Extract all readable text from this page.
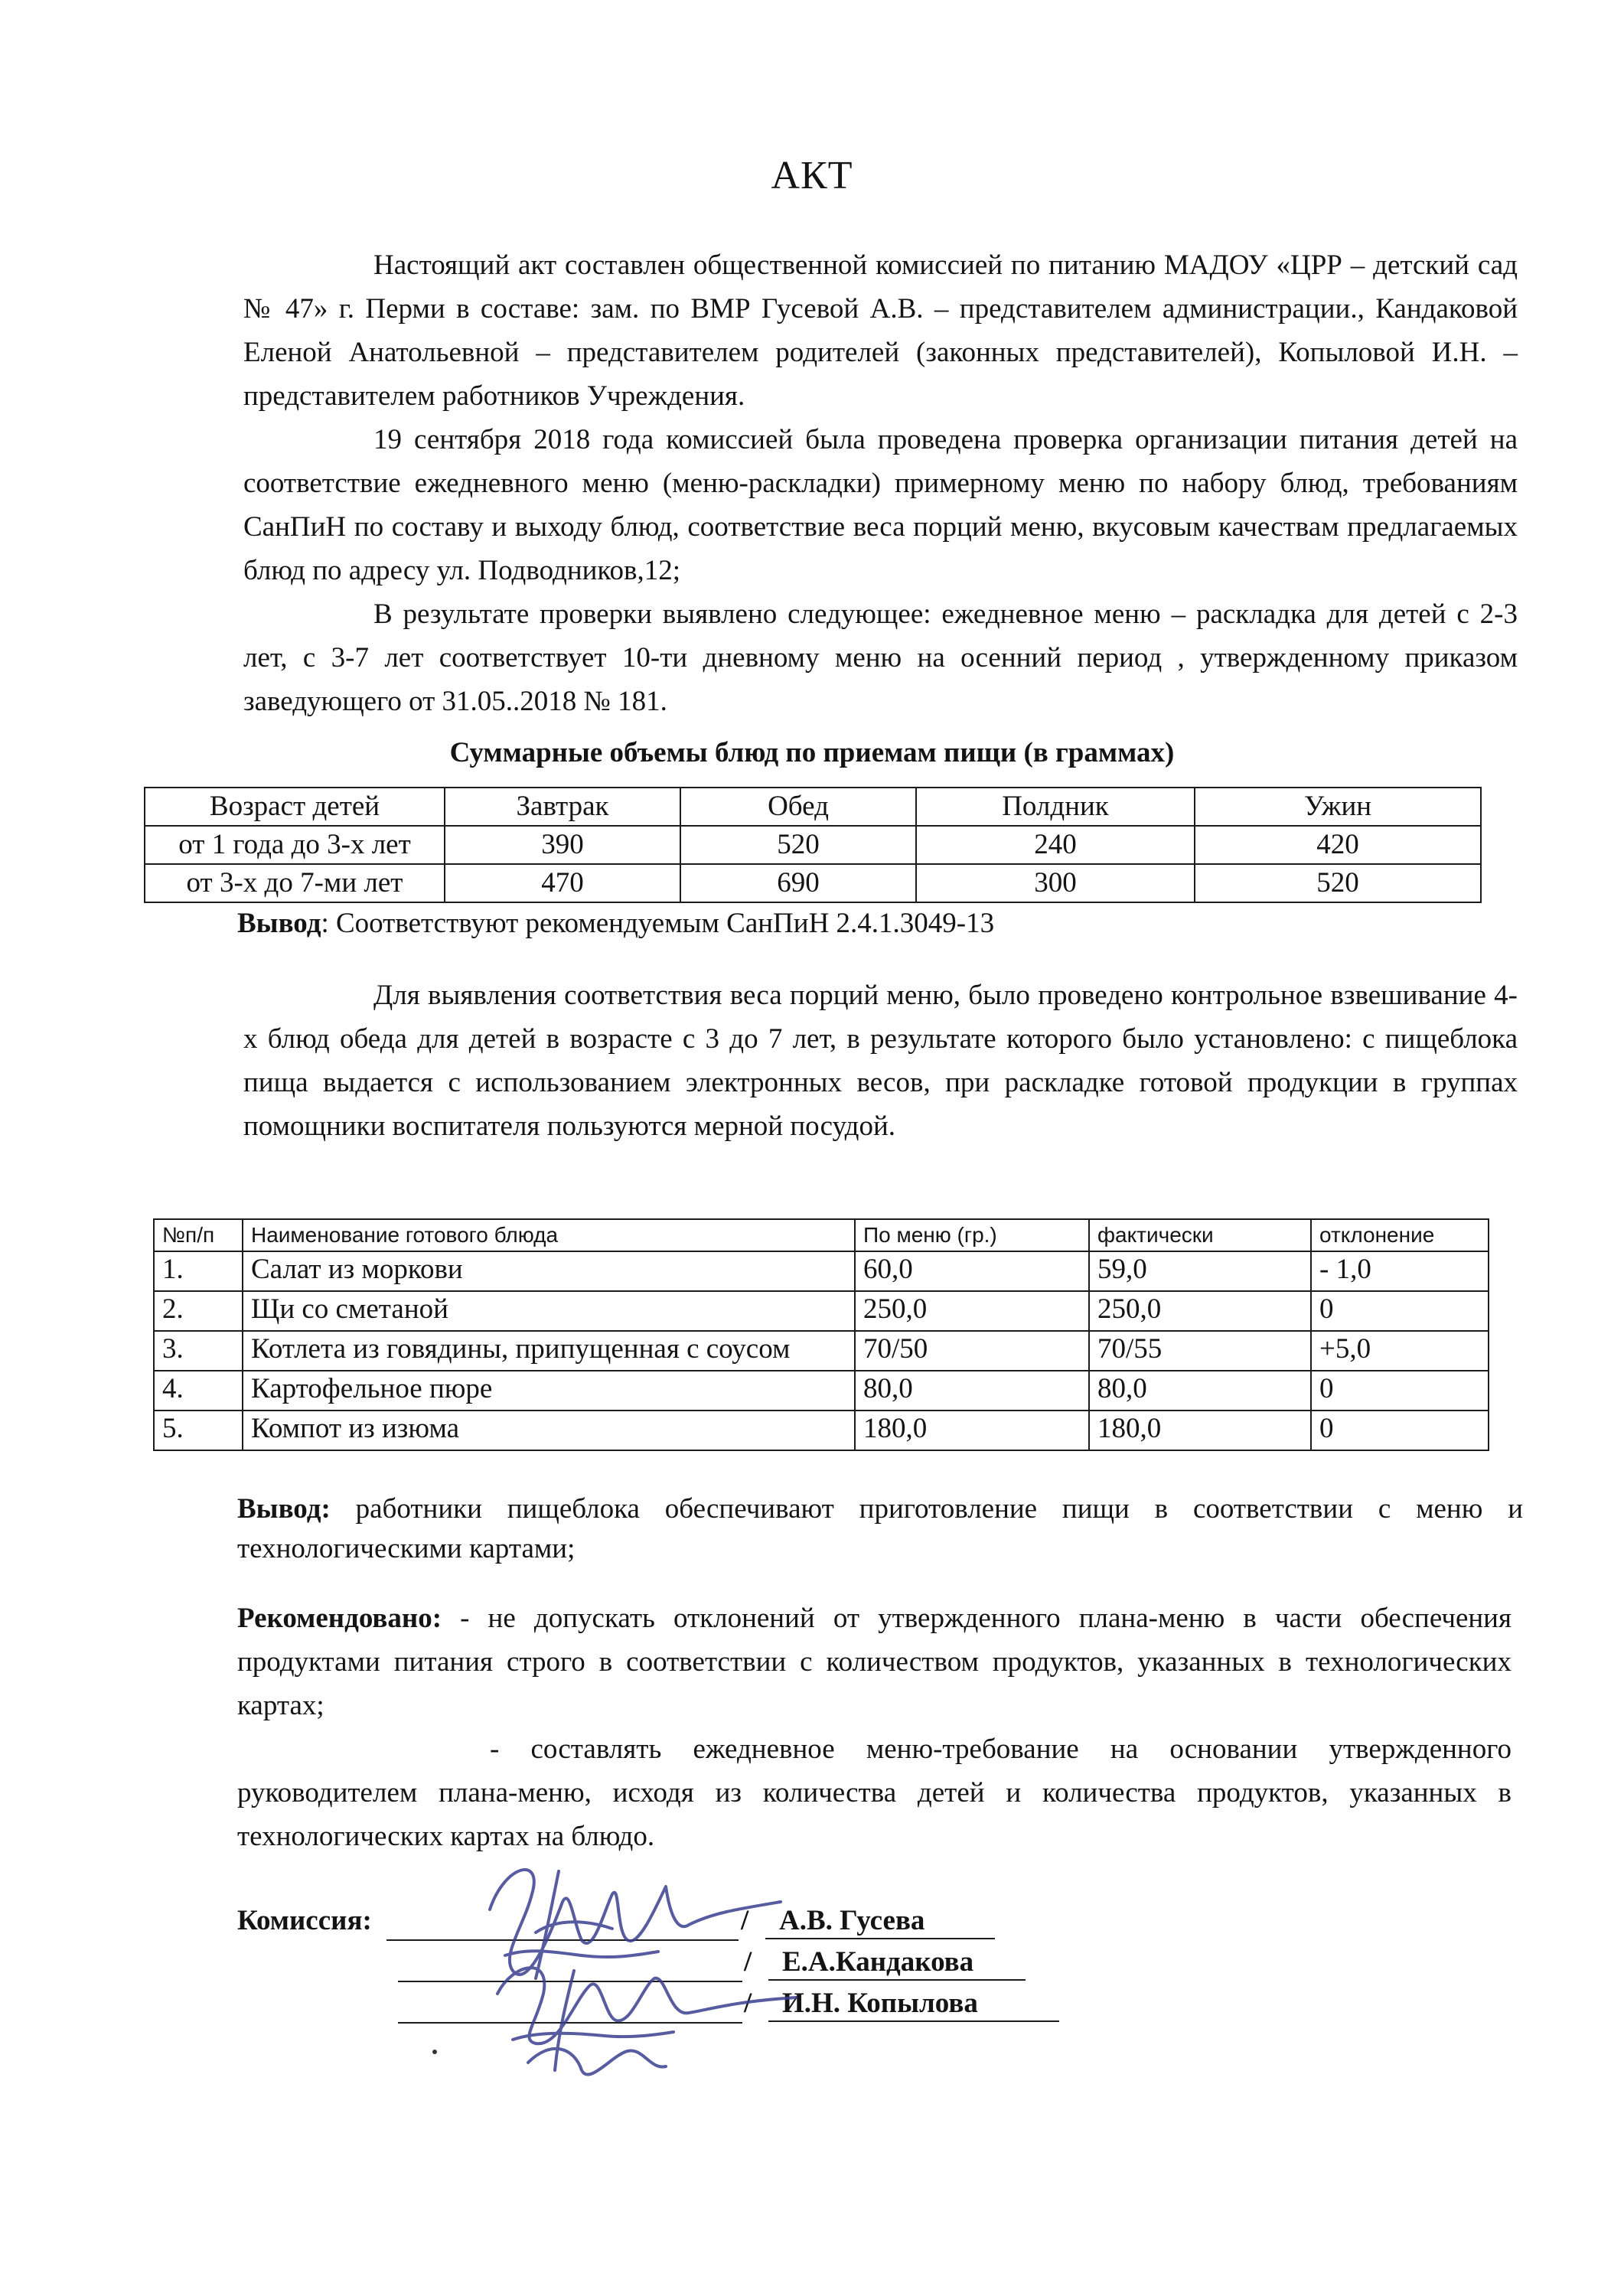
АКТ

Настоящий акт составлен общественной комиссией по питанию МАДОУ «ЦРР – детский сад № 47» г. Перми в составе: зам. по ВМР Гусевой А.В. – представителем администрации., Кандаковой Еленой Анатольевной – представителем родителей (законных представителей), Копыловой И.Н. – представителем работников Учреждения.

19 сентября 2018 года комиссией была проведена проверка организации питания детей на соответствие ежедневного меню (меню-раскладки) примерному меню по набору блюд, требованиям СанПиН по составу и выходу блюд, соответствие веса порций меню, вкусовым качествам предлагаемых блюд по адресу ул. Подводников,12;

В результате проверки выявлено следующее: ежедневное меню – раскладка для детей с 2-3 лет, с 3-7 лет соответствует 10-ти дневному меню на осенний период , утвержденному приказом заведующего от 31.05..2018 № 181.

Суммарные объемы блюд по приемам пищи (в граммах)
Возраст детей	Завтрак	Обед	Полдник	Ужин
от 1 года до 3-х лет	390	520	240	420
от 3-х до 7-ми лет	470	690	300	520
Вывод: Соответствуют рекомендуемым СанПиН 2.4.1.3049-13

Для выявления соответствия веса порций меню, было проведено контрольное взвешивание 4-х блюд обеда для детей в возрасте с 3 до 7 лет, в результате которого было установлено: с пищеблока пища выдается с использованием электронных весов, при раскладке готовой продукции в группах помощники воспитателя пользуются мерной посудой.

№п/п	Наименование готового блюда	По меню (гр.)	фактически	отклонение
1.	Салат из моркови	60,0	59,0	- 1,0
2.	Щи со сметаной	250,0	250,0	0
3.	Котлета из говядины, припущенная с соусом	70/50	70/55	+5,0
4.	Картофельное пюре	80,0	80,0	0
5.	Компот из изюма	180,0	180,0	0
Вывод: работники пищеблока обеспечивают приготовление пищи в соответствии с меню и технологическими картами;

Рекомендовано: - не допускать отклонений от утвержденного плана-меню в части обеспечения продуктами питания строго в соответствии с количеством продуктов, указанных в технологических картах;

- составлять ежедневное меню-требование на основании утвержденного руководителем плана-меню, исходя из количества детей и количества продуктов, указанных в технологических картах на блюдо.

Комиссия:	/	А.В. Гусева
/	Е.А.Кандакова
/	И.Н. Копылова
